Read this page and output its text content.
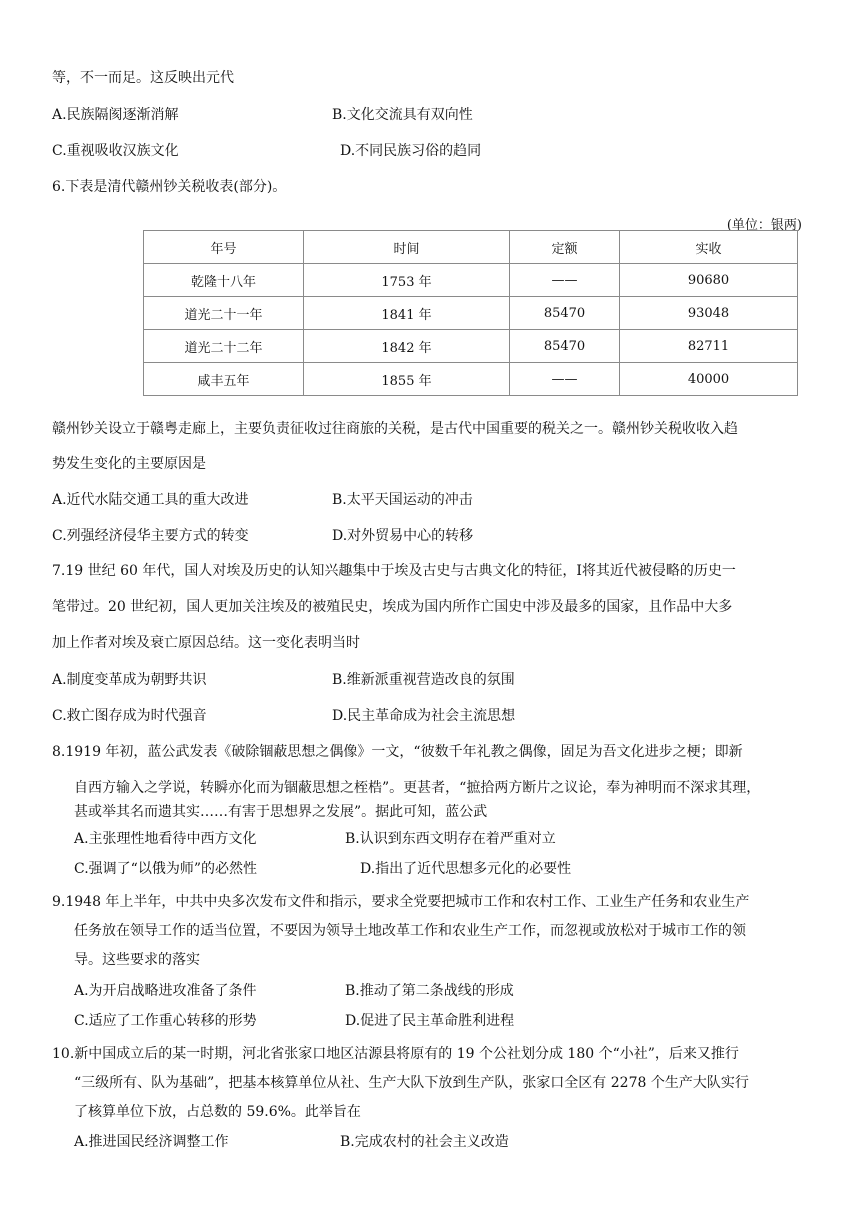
等，不一而足。这反映出元代
A.民族隔阂逐渐消解	B.文化交流具有双向性
C.重视吸收汉族文化	D.不同民族习俗的趋同
6.下表是清代赣州钞关税收表(部分)。
(单位：银两)
年号	时间	定额	实收
乾隆十八年	1753 年	——	90680
道光二十一年	1841 年	85470	93048
道光二十二年	1842 年	85470	82711
咸丰五年	1855 年	——	40000
赣州钞关设立于赣粤走廊上，主要负责征收过往商旅的关税，是古代中国重要的税关之一。赣州钞关税收收入趋
势发生变化的主要原因是
A.近代水陆交通工具的重大改进	B.太平天国运动的冲击
C.列强经济侵华主要方式的转变	D.对外贸易中心的转移
7.19 世纪 60 年代，国人对埃及历史的认知兴趣集中于埃及古史与古典文化的特征，I将其近代被侵略的历史一
笔带过。20 世纪初，国人更加关注埃及的被殖民史，埃成为国内所作亡国史中涉及最多的国家，且作品中大多
加上作者对埃及衰亡原因总结。这一变化表明当时
A.制度变革成为朝野共识	B.维新派重视营造改良的氛围
C.救亡图存成为时代强音	D.民主革命成为社会主流思想
8.1919 年初，蓝公武发表《破除锢蔽思想之偶像》一文，“彼数千年礼教之偶像，固足为吾文化进步之梗；即新
自西方输入之学说，转瞬亦化而为锢蔽思想之桎梏”。更甚者，“摭拾两方断片之议论，奉为神明而不深求其理，
甚或举其名而遗其实……有害于思想界之发展”。据此可知，蓝公武
A.主张理性地看待中西方文化	B.认识到东西文明存在着严重对立
C.强调了“以俄为师”的必然性	D.指出了近代思想多元化的必要性
9.1948 年上半年，中共中央多次发布文件和指示，要求全党要把城市工作和农村工作、工业生产任务和农业生产
任务放在领导工作的适当位置，不要因为领导土地改革工作和农业生产工作，而忽视或放松对于城市工作的领
导。这些要求的落实
A.为开启战略进攻准备了条件	B.推动了第二条战线的形成
C.适应了工作重心转移的形势	D.促进了民主革命胜利进程
10.新中国成立后的某一时期，河北省张家口地区沽源县将原有的 19 个公社划分成 180 个“小社”，后来又推行
“三级所有、队为基础”，把基本核算单位从社、生产大队下放到生产队，张家口全区有 2278 个生产大队实行
了核算单位下放，占总数的 59.6%。此举旨在
A.推进国民经济调整工作	B.完成农村的社会主义改造
